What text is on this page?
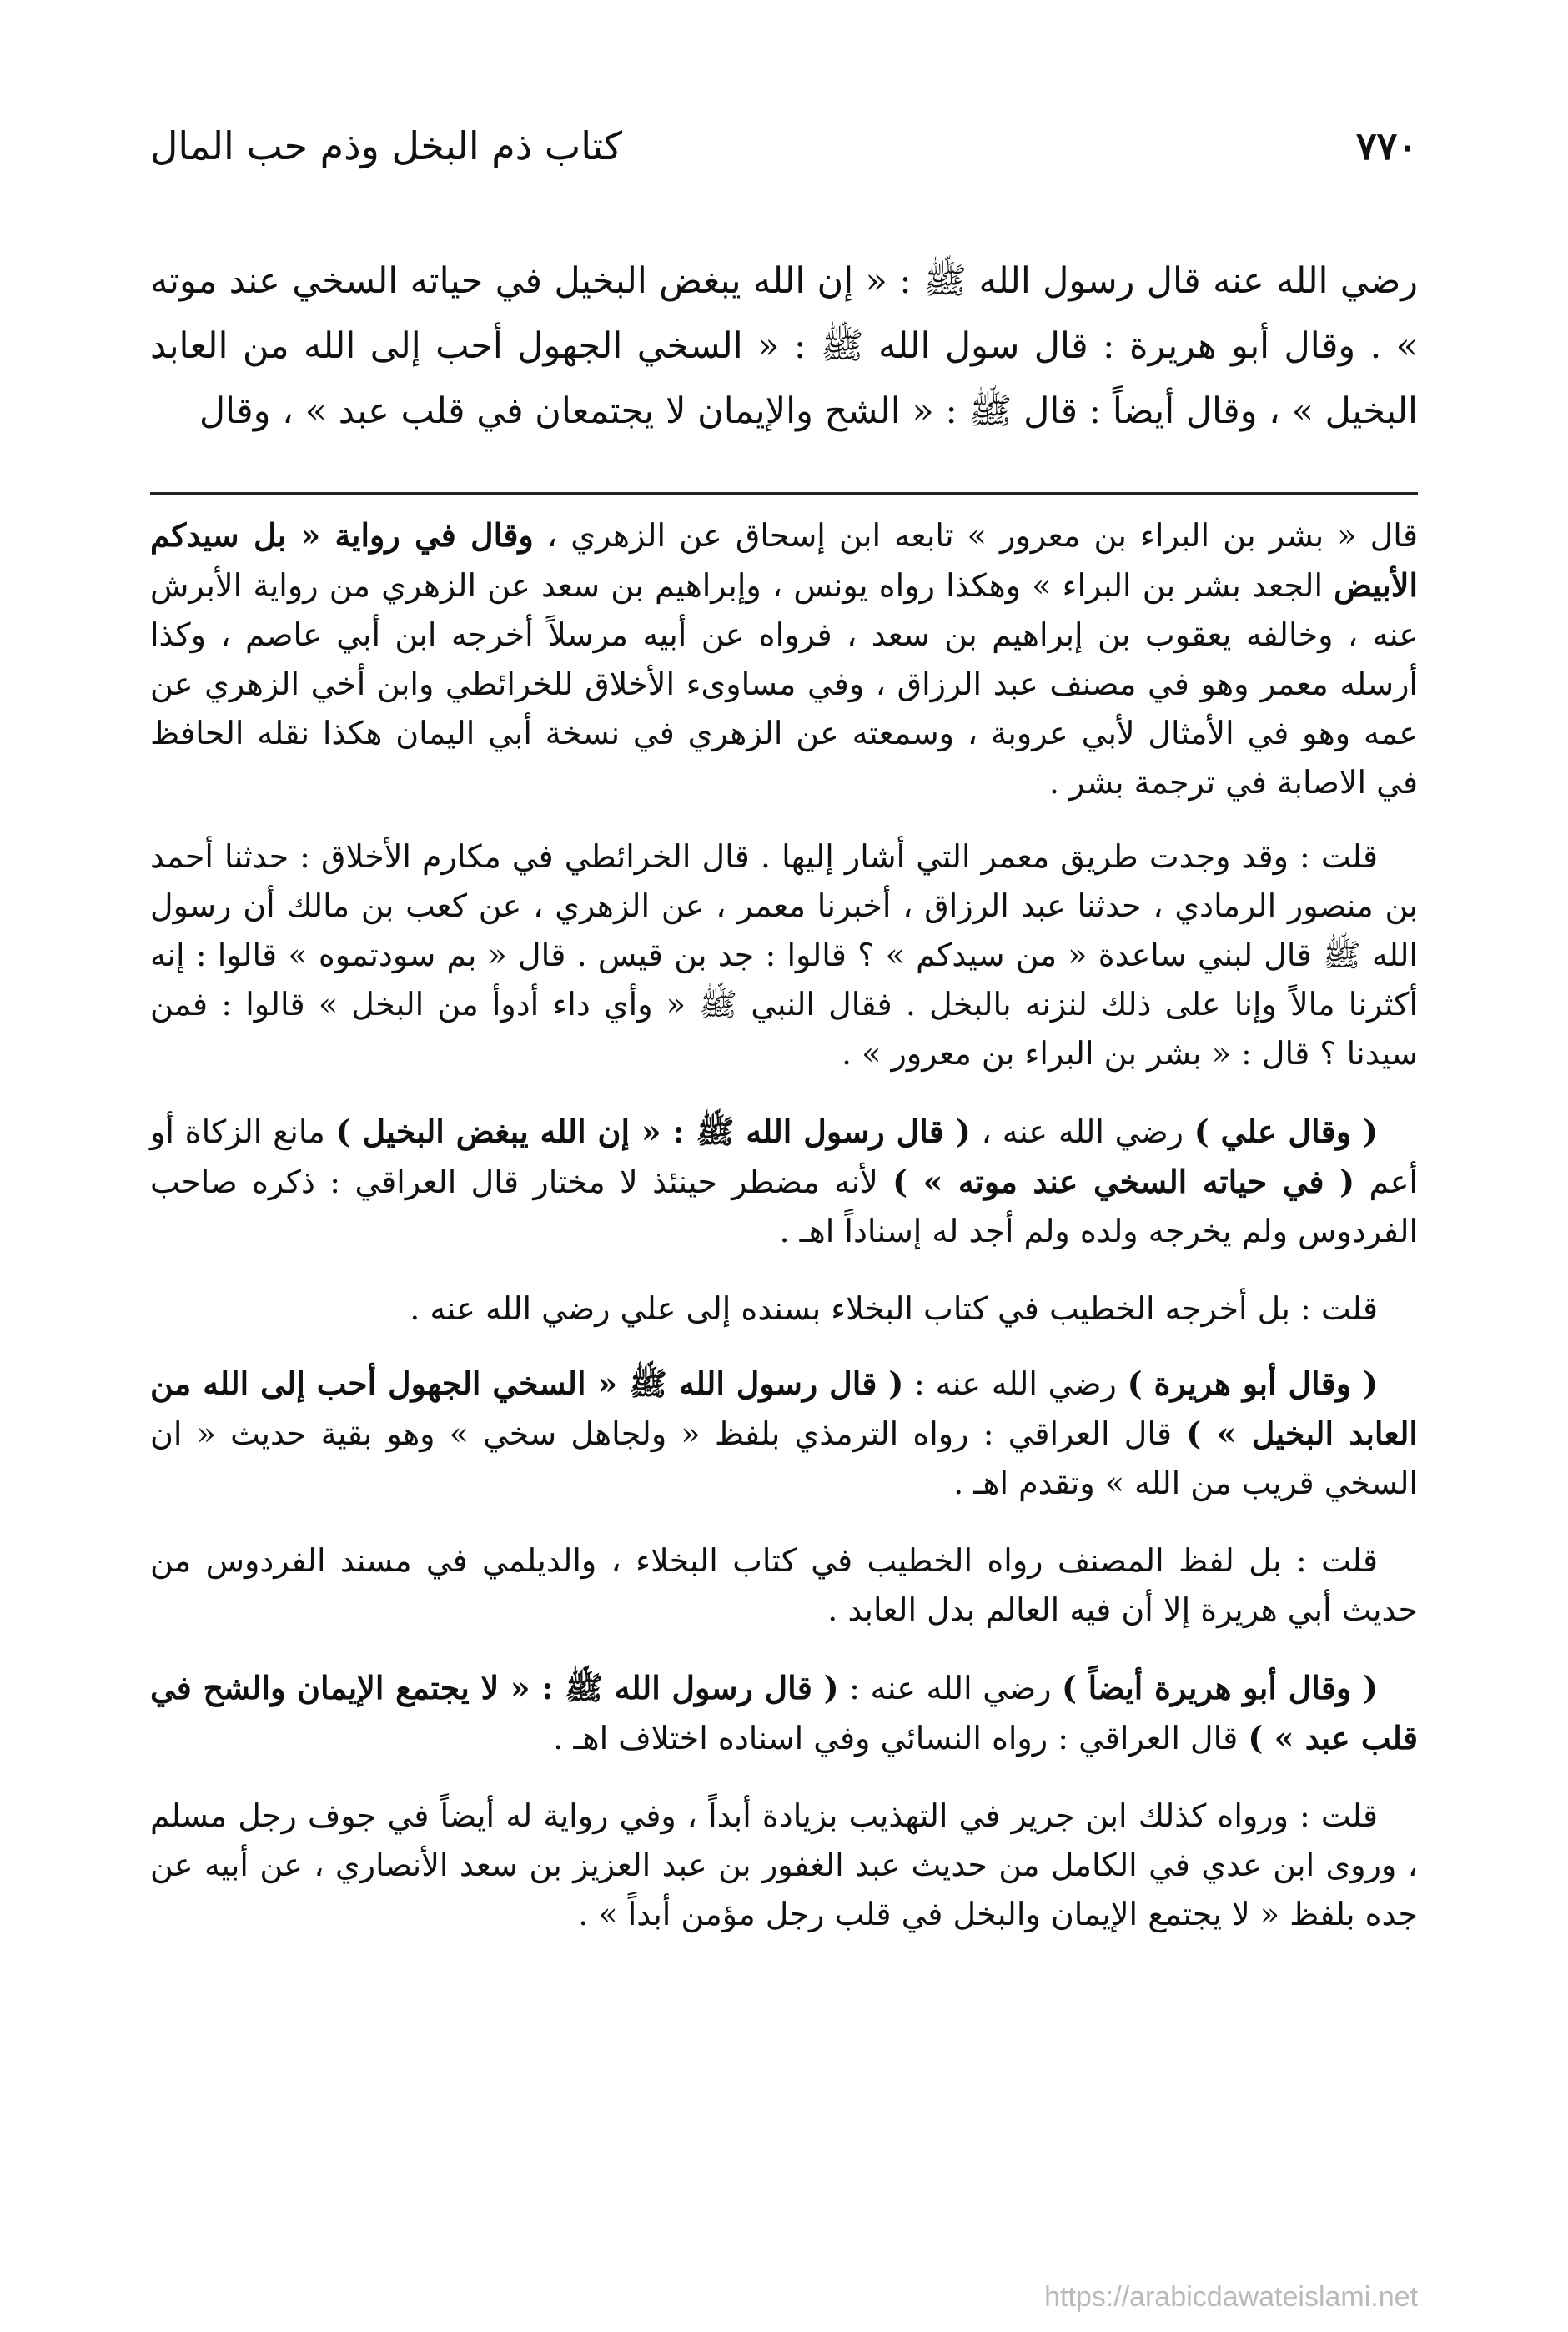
٧٧٠
كتاب ذم البخل وذم حب المال

رضي الله عنه قال رسول الله ﷺ : « إن الله يبغض البخيل في حياته السخي عند موته » . وقال أبو هريرة : قال سول الله ﷺ : « السخي الجهول أحب إلى الله من العابد البخيل » ، وقال أيضاً : قال ﷺ : « الشح والإيمان لا يجتمعان في قلب عبد » ، وقال

قال « بشر بن البراء بن معرور » تابعه ابن إسحاق عن الزهري ، وقال في رواية « بل سيدكم الأبيض الجعد بشر بن البراء » وهكذا رواه يونس ، وإبراهيم بن سعد عن الزهري من رواية الأبرش عنه ، وخالفه يعقوب بن إبراهيم بن سعد ، فرواه عن أبيه مرسلاً أخرجه ابن أبي عاصم ، وكذا أرسله معمر وهو في مصنف عبد الرزاق ، وفي مساوىء الأخلاق للخرائطي وابن أخي الزهري عن عمه وهو في الأمثال لأبي عروبة ، وسمعته عن الزهري في نسخة أبي اليمان هكذا نقله الحافظ في الاصابة في ترجمة بشر .

قلت : وقد وجدت طريق معمر التي أشار إليها . قال الخرائطي في مكارم الأخلاق : حدثنا أحمد بن منصور الرمادي ، حدثنا عبد الرزاق ، أخبرنا معمر ، عن الزهري ، عن كعب بن مالك أن رسول الله ﷺ قال لبني ساعدة « من سيدكم » ؟ قالوا : جد بن قيس . قال « بم سودتموه » قالوا : إنه أكثرنا مالاً وإنا على ذلك لنزنه بالبخل . فقال النبي ﷺ « وأي داء أدوأ من البخل » قالوا : فمن سيدنا ؟ قال : « بشر بن البراء بن معرور » .

( وقال علي ) رضي الله عنه ، ( قال رسول الله ﷺ : « إن الله يبغض البخيل ) مانع الزكاة أو أعم ( في حياته السخي عند موته » ) لأنه مضطر حينئذ لا مختار قال العراقي : ذكره صاحب الفردوس ولم يخرجه ولده ولم أجد له إسناداً اهـ .

قلت : بل أخرجه الخطيب في كتاب البخلاء بسنده إلى علي رضي الله عنه .

( وقال أبو هريرة ) رضي الله عنه : ( قال رسول الله ﷺ « السخي الجهول أحب إلى الله من العابد البخيل » ) قال العراقي : رواه الترمذي بلفظ « ولجاهل سخي » وهو بقية حديث « ان السخي قريب من الله » وتقدم اهـ .

قلت : بل لفظ المصنف رواه الخطيب في كتاب البخلاء ، والديلمي في مسند الفردوس من حديث أبي هريرة إلا أن فيه العالم بدل العابد .

( وقال أبو هريرة أيضاً ) رضي الله عنه : ( قال رسول الله ﷺ : « لا يجتمع الإيمان والشح في قلب عبد » ) قال العراقي : رواه النسائي وفي اسناده اختلاف اهـ .

قلت : ورواه كذلك ابن جرير في التهذيب بزيادة أبداً ، وفي رواية له أيضاً في جوف رجل مسلم ، وروى ابن عدي في الكامل من حديث عبد الغفور بن عبد العزيز بن سعد الأنصاري ، عن أبيه عن جده بلفظ « لا يجتمع الإيمان والبخل في قلب رجل مؤمن أبداً » .

https://arabicdawateislami.net
